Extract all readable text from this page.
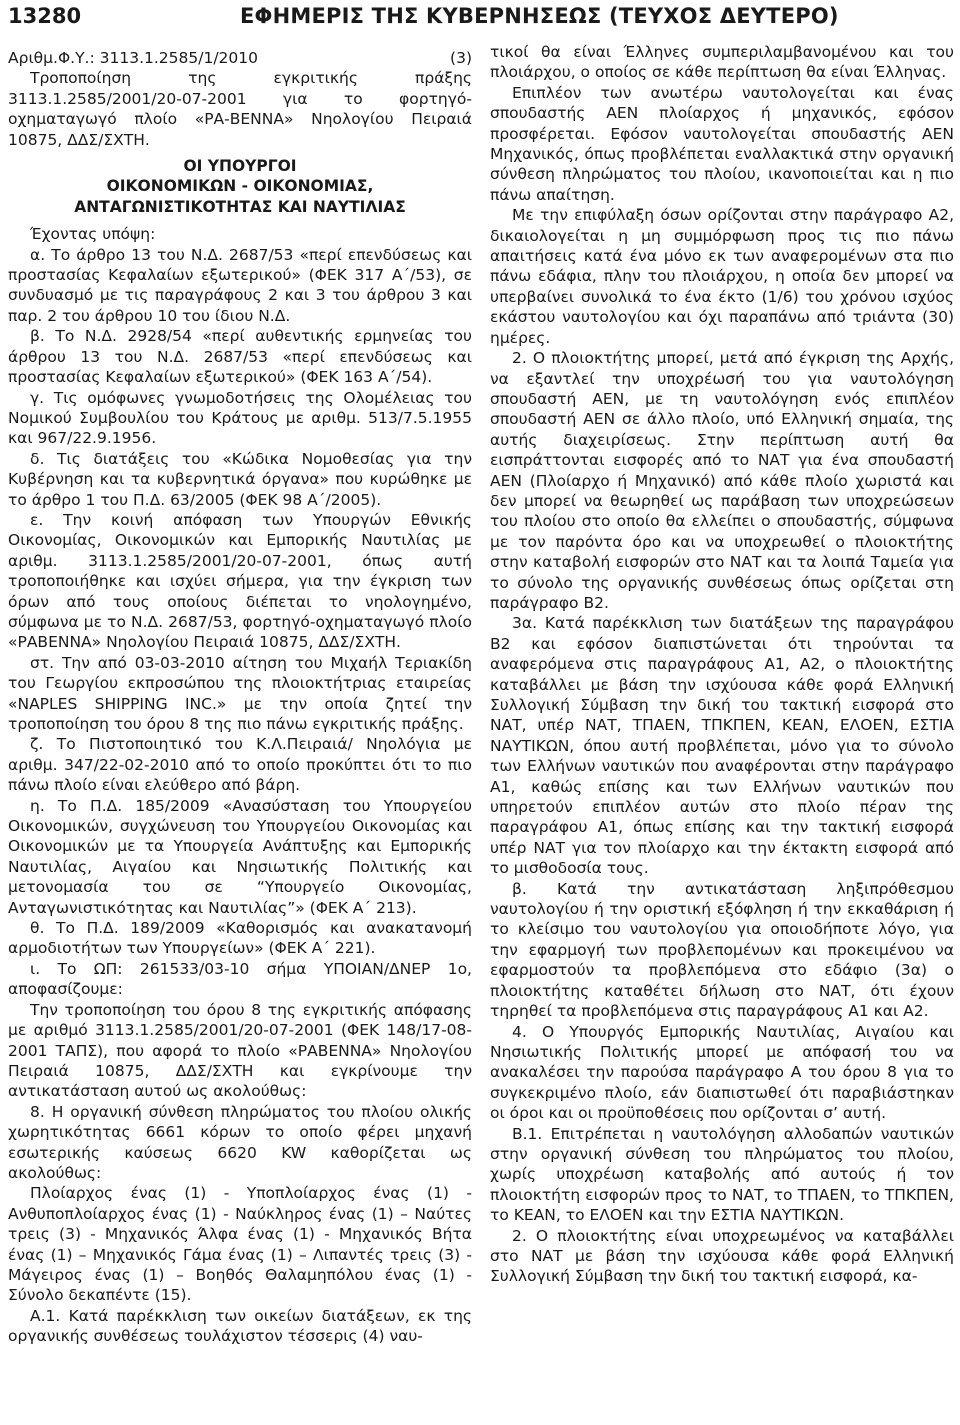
13280	ΕΦΗΜΕΡΙΣ ΤΗΣ ΚΥΒΕΡΝΗΣΕΩΣ (ΤΕΥΧΟΣ ΔΕΥΤΕΡΟ)

Αριθμ.Φ.Υ.: 3113.1.2585/1/2010	(3)

Τροποποίηση της εγκριτικής πράξης 3113.1.2585/2001/20-07-2001 για το φορτηγό-οχηματαγωγό πλοίο «ΡΑ-ΒΕΝΝΑ» Νηολογίου Πειραιά 10875, ΔΔΣ/ΣΧΤΗ.

ΟΙ ΥΠΟΥΡΓΟΙ

ΟΙΚΟΝΟΜΙΚΩΝ - ΟΙΚΟΝΟΜΙΑΣ,

ΑΝΤΑΓΩΝΙΣΤΙΚΟΤΗΤΑΣ ΚΑΙ ΝΑΥΤΙΛΙΑΣ

Έχοντας υπόψη:

α. Το άρθρο 13 του Ν.Δ. 2687/53 «περί επενδύσεως και προστασίας Κεφαλαίων εξωτερικού» (ΦΕΚ 317 Α΄/53), σε συνδυασμό με τις παραγράφους 2 και 3 του άρθρου 3 και παρ. 2 του άρθρου 10 του ίδιου Ν.Δ.

β. Το Ν.Δ. 2928/54 «περί αυθεντικής ερμηνείας του άρθρου 13 του Ν.Δ. 2687/53 «περί επενδύσεως και προστασίας Κεφαλαίων εξωτερικού» (ΦΕΚ 163 Α΄/54).

γ. Τις ομόφωνες γνωμοδοτήσεις της Ολομέλειας του Νομικού Συμβουλίου του Κράτους με αριθμ. 513/7.5.1955 και 967/22.9.1956.

δ. Τις διατάξεις του «Κώδικα Νομοθεσίας για την Κυβέρνηση και τα κυβερνητικά όργανα» που κυρώθηκε με το άρθρο 1 του Π.Δ. 63/2005 (ΦΕΚ 98 Α΄/2005).

ε. Την κοινή απόφαση των Υπουργών Εθνικής Οικονομίας, Οικονομικών και Εμπορικής Ναυτιλίας με αριθμ. 3113.1.2585/2001/20-07-2001, όπως αυτή τροποποιήθηκε και ισχύει σήμερα, για την έγκριση των όρων από τους οποίους διέπεται το νηολογημένο, σύμφωνα με το Ν.Δ. 2687/53, φορτηγό-οχηματαγωγό πλοίο «ΡΑΒΕΝΝΑ» Νηολογίου Πειραιά 10875, ΔΔΣ/ΣΧΤΗ.

στ. Την από 03-03-2010 αίτηση του Μιχαήλ Τεριακίδη του Γεωργίου εκπροσώπου της πλοιοκτήτριας εταιρείας «NAPLES SHIPPING INC.» με την οποία ζητεί την τροποποίηση του όρου 8 της πιο πάνω εγκριτικής πράξης.

ζ. Το Πιστοποιητικό του Κ.Λ.Πειραιά/ Νηολόγια με αριθμ. 347/22-02-2010 από το οποίο προκύπτει ότι το πιο πάνω πλοίο είναι ελεύθερο από βάρη.

η. Το Π.Δ. 185/2009 «Ανασύσταση του Υπουργείου Οικονομικών, συγχώνευση του Υπουργείου Οικονομίας και Οικονομικών με τα Υπουργεία Ανάπτυξης και Εμπορικής Ναυτιλίας, Αιγαίου και Νησιωτικής Πολιτικής και μετονομασία του σε “Υπουργείο Οικονομίας, Ανταγωνιστικότητας και Ναυτιλίας”» (ΦΕΚ Α΄ 213).

θ. Το Π.Δ. 189/2009 «Καθορισμός και ανακατανομή αρμοδιοτήτων των Υπουργείων» (ΦΕΚ Α΄ 221).

ι. Το ΩΠ: 261533/03-10 σήμα ΥΠΟΙΑΝ/ΔΝΕΡ 1ο, αποφασίζουμε:

Την τροποποίηση του όρου 8 της εγκριτικής απόφασης με αριθμό 3113.1.2585/2001/20-07-2001 (ΦΕΚ 148/17-08-2001 ΤΑΠΣ), που αφορά το πλοίο «ΡΑΒΕΝΝΑ» Νηολογίου Πειραιά 10875, ΔΔΣ/ΣΧΤΗ και εγκρίνουμε την αντικατάσταση αυτού ως ακολούθως:

8. Η οργανική σύνθεση πληρώματος του πλοίου ολικής χωρητικότητας 6661 κόρων το οποίο φέρει μηχανή εσωτερικής καύσεως 6620 KW καθορίζεται ως ακολούθως:

Πλοίαρχος ένας (1) - Υποπλοίαρχος ένας (1) - Ανθυποπλοίαρχος ένας (1) - Ναύκληρος ένας (1) – Ναύτες τρεις (3) - Μηχανικός Άλφα ένας (1) - Μηχανικός Βήτα ένας (1) – Μηχανικός Γάμα ένας (1) – Λιπαντές τρεις (3) - Μάγειρος ένας (1) – Βοηθός Θαλαμηπόλου ένας (1) - Σύνολο δεκαπέντε (15).

Α.1. Κατά παρέκκλιση των οικείων διατάξεων, εκ της οργανικής συνθέσεως τουλάχιστον τέσσερις (4) ναυ-

τικοί θα είναι Έλληνες συμπεριλαμβανομένου και του πλοιάρχου, ο οποίος σε κάθε περίπτωση θα είναι Έλληνας.

Επιπλέον των ανωτέρω ναυτολογείται και ένας σπουδαστής ΑΕΝ πλοίαρχος ή μηχανικός, εφόσον προσφέρεται. Εφόσον ναυτολογείται σπουδαστής ΑΕΝ Μηχανικός, όπως προβλέπεται εναλλακτικά στην οργανική σύνθεση πληρώματος του πλοίου, ικανοποιείται και η πιο πάνω απαίτηση.

Με την επιφύλαξη όσων ορίζονται στην παράγραφο Α2, δικαιολογείται η μη συμμόρφωση προς τις πιο πάνω απαιτήσεις κατά ένα μόνο εκ των αναφερομένων στα πιο πάνω εδάφια, πλην του πλοιάρχου, η οποία δεν μπορεί να υπερβαίνει συνολικά το ένα έκτο (1/6) του χρόνου ισχύος εκάστου ναυτολογίου και όχι παραπάνω από τριάντα (30) ημέρες.

2. Ο πλοιοκτήτης μπορεί, μετά από έγκριση της Αρχής, να εξαντλεί την υποχρέωσή του για ναυτολόγηση σπουδαστή ΑΕΝ, με τη ναυτολόγηση ενός επιπλέον σπουδαστή ΑΕΝ σε άλλο πλοίο, υπό Ελληνική σημαία, της αυτής διαχειρίσεως. Στην περίπτωση αυτή θα εισπράττονται εισφορές από το ΝΑΤ για ένα σπουδαστή ΑΕΝ (Πλοίαρχο ή Μηχανικό) από κάθε πλοίο χωριστά και δεν μπορεί να θεωρηθεί ως παράβαση των υποχρεώσεων του πλοίου στο οποίο θα ελλείπει ο σπουδαστής, σύμφωνα με τον παρόντα όρο και να υποχρεωθεί ο πλοιοκτήτης στην καταβολή εισφορών στο ΝΑΤ και τα λοιπά Ταμεία για το σύνολο της οργανικής συνθέσεως όπως ορίζεται στη παράγραφο Β2.

3α. Κατά παρέκκλιση των διατάξεων της παραγράφου Β2 και εφόσον διαπιστώνεται ότι τηρούνται τα αναφερόμενα στις παραγράφους Α1, Α2, ο πλοιοκτήτης καταβάλλει με βάση την ισχύουσα κάθε φορά Ελληνική Συλλογική Σύμβαση την δική του τακτική εισφορά στο ΝΑΤ, υπέρ ΝΑΤ, ΤΠΑΕΝ, ΤΠΚΠΕΝ, ΚΕΑΝ, ΕΛΟΕΝ, ΕΣΤΙΑ ΝΑΥΤΙΚΩΝ, όπου αυτή προβλέπεται, μόνο για το σύνολο των Ελλήνων ναυτικών που αναφέρονται στην παράγραφο Α1, καθώς επίσης και των Ελλήνων ναυτικών που υπηρετούν επιπλέον αυτών στο πλοίο πέραν της παραγράφου Α1, όπως επίσης και την τακτική εισφορά υπέρ ΝΑΤ για τον πλοίαρχο και την έκτακτη εισφορά από το μισθοδοσία τους.

β. Κατά την αντικατάσταση ληξιπρόθεσμου ναυτολογίου ή την οριστική εξόφληση ή την εκκαθάριση ή το κλείσιμο του ναυτολογίου για οποιοδήποτε λόγο, για την εφαρμογή των προβλεπομένων και προκειμένου να εφαρμοστούν τα προβλεπόμενα στο εδάφιο (3α) ο πλοιοκτήτης καταθέτει δήλωση στο ΝΑΤ, ότι έχουν τηρηθεί τα προβλεπόμενα στις παραγράφους Α1 και Α2.

4. Ο Υπουργός Εμπορικής Ναυτιλίας, Αιγαίου και Νησιωτικής Πολιτικής μπορεί με απόφασή του να ανακαλέσει την παρούσα παράγραφο Α του όρου 8 για το συγκεκριμένο πλοίο, εάν διαπιστωθεί ότι παραβιάστηκαν οι όροι και οι προϋποθέσεις που ορίζονται σ’ αυτή.

Β.1. Επιτρέπεται η ναυτολόγηση αλλοδαπών ναυτικών στην οργανική σύνθεση του πληρώματος του πλοίου, χωρίς υποχρέωση καταβολής από αυτούς ή τον πλοιοκτήτη εισφορών προς το ΝΑΤ, το ΤΠΑΕΝ, το ΤΠΚΠΕΝ, το ΚΕΑΝ, το ΕΛΟΕΝ και την ΕΣΤΙΑ ΝΑΥΤΙΚΩΝ.

2. Ο πλοιοκτήτης είναι υποχρεωμένος να καταβάλλει στο ΝΑΤ με βάση την ισχύουσα κάθε φορά Ελληνική Συλλογική Σύμβαση την δική του τακτική εισφορά, κα-
